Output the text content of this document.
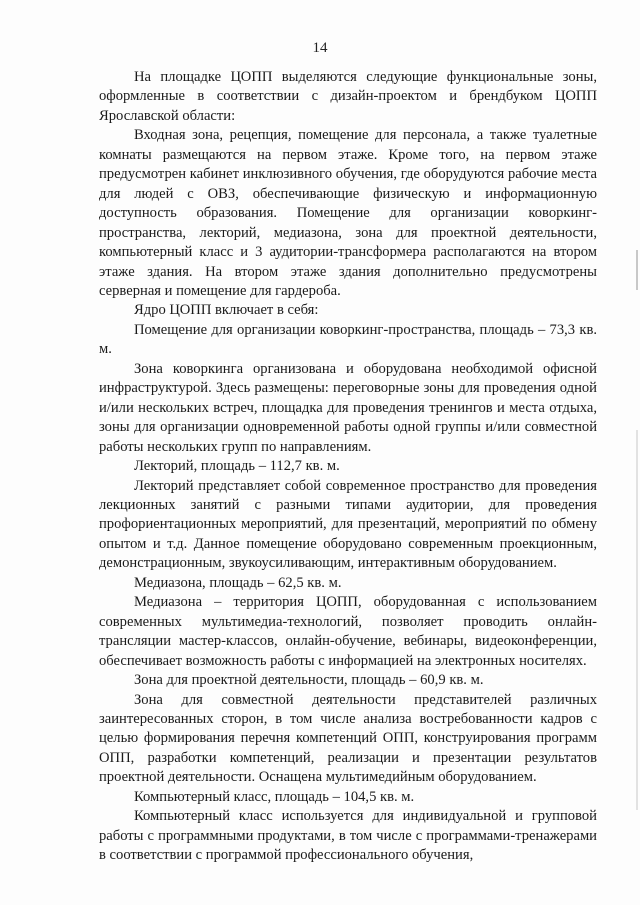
14

На площадке ЦОПП выделяются следующие функциональные зоны, оформленные в соответствии с дизайн-проектом и брендбуком ЦОПП Ярославской области:

Входная зона, рецепция, помещение для персонала, а также туалетные комнаты размещаются на первом этаже. Кроме того, на первом этаже предусмотрен кабинет инклюзивного обучения, где оборудуются рабочие места для людей с ОВЗ, обеспечивающие физическую и информационную доступность образования. Помещение для организации коворкинг-пространства, лекторий, медиазона, зона для проектной деятельности, компьютерный класс и 3 аудитории-трансформера располагаются на втором этаже здания. На втором этаже здания дополнительно предусмотрены серверная и помещение для гардероба.

Ядро ЦОПП включает в себя:

Помещение для организации коворкинг-пространства, площадь – 73,3 кв. м.

Зона коворкинга организована и оборудована необходимой офисной инфраструктурой. Здесь размещены: переговорные зоны для проведения одной и/или нескольких встреч, площадка для проведения тренингов и места отдыха, зоны для организации одновременной работы одной группы и/или совместной работы нескольких групп по направлениям.

Лекторий, площадь – 112,7 кв. м.

Лекторий представляет собой современное пространство для проведения лекционных занятий с разными типами аудитории, для проведения профориентационных мероприятий, для презентаций, мероприятий по обмену опытом и т.д. Данное помещение оборудовано современным проекционным, демонстрационным, звукоусиливающим, интерактивным оборудованием.

Медиазона, площадь – 62,5 кв. м.

Медиазона – территория ЦОПП, оборудованная с использованием современных мультимедиа-технологий, позволяет проводить онлайн-трансляции мастер-классов, онлайн-обучение, вебинары, видеоконференции, обеспечивает возможность работы с информацией на электронных носителях.

Зона для проектной деятельности, площадь – 60,9 кв. м.

Зона для совместной деятельности представителей различных заинтересованных сторон, в том числе анализа востребованности кадров с целью формирования перечня компетенций ОПП, конструирования программ ОПП, разработки компетенций, реализации и презентации результатов проектной деятельности. Оснащена мультимедийным оборудованием.

Компьютерный класс, площадь – 104,5 кв. м.

Компьютерный класс используется для индивидуальной и групповой работы с программными продуктами, в том числе с программами-тренажерами в соответствии с программой профессионального обучения,
